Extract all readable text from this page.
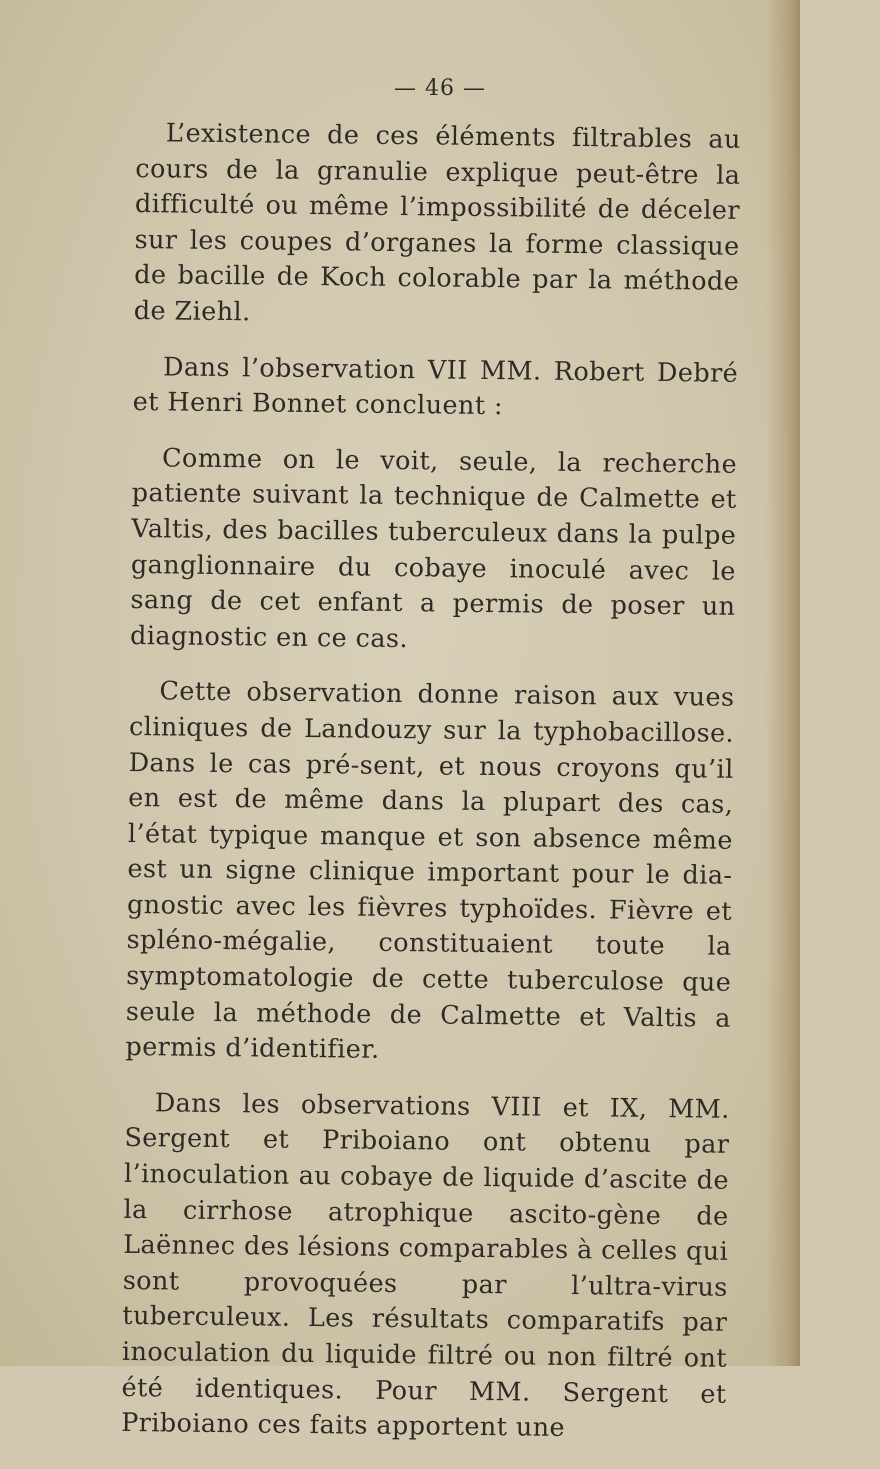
— 46 —

L’existence de ces éléments filtrables au cours de la granulie explique peut-être la difficulté ou même l’impossibilité de déceler sur les coupes d’organes la forme classique de bacille de Koch colorable par la méthode de Ziehl.

Dans l’observation VII MM. Robert Debré et Henri Bonnet concluent :

Comme on le voit, seule, la recherche patiente suivant la technique de Calmette et Valtis, des bacilles tuberculeux dans la pulpe ganglionnaire du cobaye inoculé avec le sang de cet enfant a permis de poser un diagnostic en ce cas.

Cette observation donne raison aux vues cliniques de Landouzy sur la typhobacillose. Dans le cas pré-sent, et nous croyons qu’il en est de même dans la plupart des cas, l’état typique manque et son absence même est un signe clinique important pour le dia-gnostic avec les fièvres typhoïdes. Fièvre et spléno-mégalie, constituaient toute la symptomatologie de cette tuberculose que seule la méthode de Calmette et Valtis a permis d’identifier.

Dans les observations VIII et IX, MM. Sergent et Priboiano ont obtenu par l’inoculation au cobaye de liquide d’ascite de la cirrhose atrophique ascito-gène de Laënnec des lésions comparables à celles qui sont provoquées par l’ultra-virus tuberculeux. Les résultats comparatifs par inoculation du liquide filtré ou non filtré ont été identiques. Pour MM. Sergent et Priboiano ces faits apportent une
